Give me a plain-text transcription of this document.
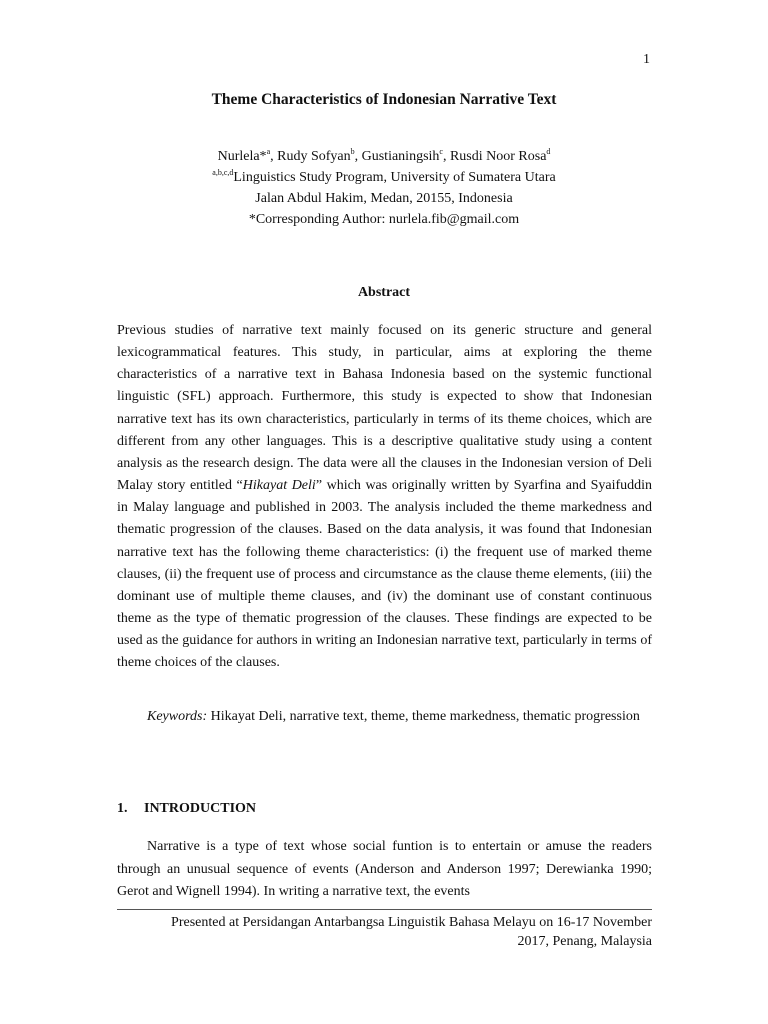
1
Theme Characteristics of Indonesian Narrative Text
Nurlela*$^a$, Rudy Sofyan$^b$, Gustianingsih$^c$, Rusdi Noor Rosa$^d$
$^{a,b,c,d}$Linguistics Study Program, University of Sumatera Utara
Jalan Abdul Hakim, Medan, 20155, Indonesia
*Corresponding Author: nurlela.fib@gmail.com
Abstract
Previous studies of narrative text mainly focused on its generic structure and general lexicogrammatical features. This study, in particular, aims at exploring the theme characteristics of a narrative text in Bahasa Indonesia based on the systemic functional linguistic (SFL) approach. Furthermore, this study is expected to show that Indonesian narrative text has its own characteristics, particularly in terms of its theme choices, which are different from any other languages. This is a descriptive qualitative study using a content analysis as the research design. The data were all the clauses in the Indonesian version of Deli Malay story entitled “Hikayat Deli” which was originally written by Syarfina and Syaifuddin in Malay language and published in 2003. The analysis included the theme markedness and thematic progression of the clauses. Based on the data analysis, it was found that Indonesian narrative text has the following theme characteristics: (i) the frequent use of marked theme clauses, (ii) the frequent use of process and circumstance as the clause theme elements, (iii) the dominant use of multiple theme clauses, and (iv) the dominant use of constant continuous theme as the type of thematic progression of the clauses. These findings are expected to be used as the guidance for authors in writing an Indonesian narrative text, particularly in terms of theme choices of the clauses.
Keywords: Hikayat Deli, narrative text, theme, theme markedness, thematic progression
1. INTRODUCTION
Narrative is a type of text whose social funtion is to entertain or amuse the readers through an unusual sequence of events (Anderson and Anderson 1997; Derewianka 1990; Gerot and Wignell 1994). In writing a narrative text, the events
Presented at Persidangan Antarbangsa Linguistik Bahasa Melayu on 16-17 November
2017, Penang, Malaysia
